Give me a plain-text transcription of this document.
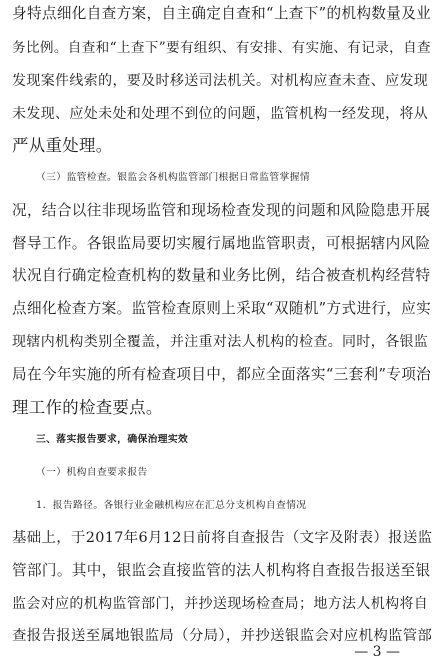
身特点细化自查方案，自主确定自查和“上查下”的机构数量及业
务比例。自查和“上查下”要有组织、有安排、有实施、有记录，自查
发现案件线索的，要及时移送司法机关。对机构应查未查、应发现
未发现、应处未处和处理不到位的问题，监管机构一经发现，将从
严从重处理。
（三）监管检查。银监会各机构监管部门根据日常监管掌握情
况，结合以往非现场监管和现场检查发现的问题和风险隐患开展
督导工作。各银监局要切实履行属地监管职责，可根据辖内风险
状况自行确定检查机构的数量和业务比例，结合被查机构经营特
点细化检查方案。监管检查原则上采取“双随机”方式进行，应实
现辖内机构类别全覆盖，并注重对法人机构的检查。同时，各银监
局在今年实施的所有检查项目中，都应全面落实“三套利”专项治
理工作的检查要点。
三、落实报告要求，确保治理实效
（一）机构自查要求报告
1．报告路径。各银行业金融机构应在汇总分支机构自查情况
基础上，于2017年6月12日前将自查报告（文字及附表）报送监
管部门。其中，银监会直接监管的法人机构将自查报告报送至银
监会对应的机构监管部门，并抄送现场检查局；地方法人机构将自
查报告报送至属地银监局（分局），并抄送银监会对应机构监管部
— 3 —
